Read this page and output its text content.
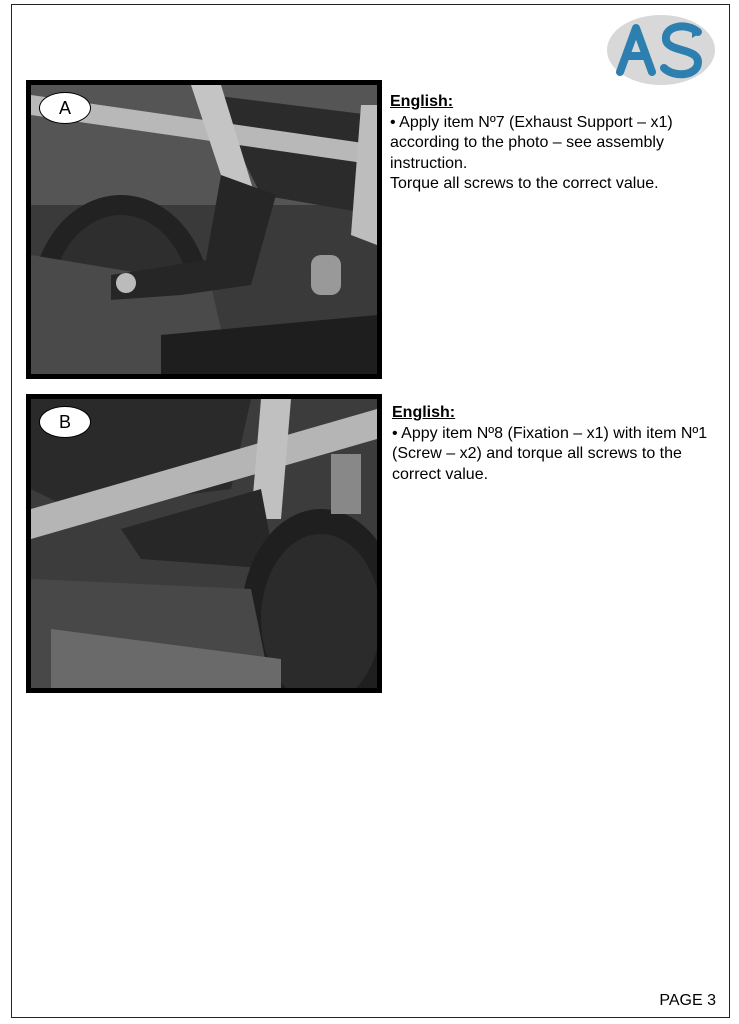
A	English:
• Apply item Nº7 (Exhaust Support – x1) according to the photo – see assembly instruction.
Torque all screws to the correct value.
B	English:
• Appy item Nº8 (Fixation – x1) with item Nº1 (Screw – x2) and torque all screws to the correct value.
PAGE 3
